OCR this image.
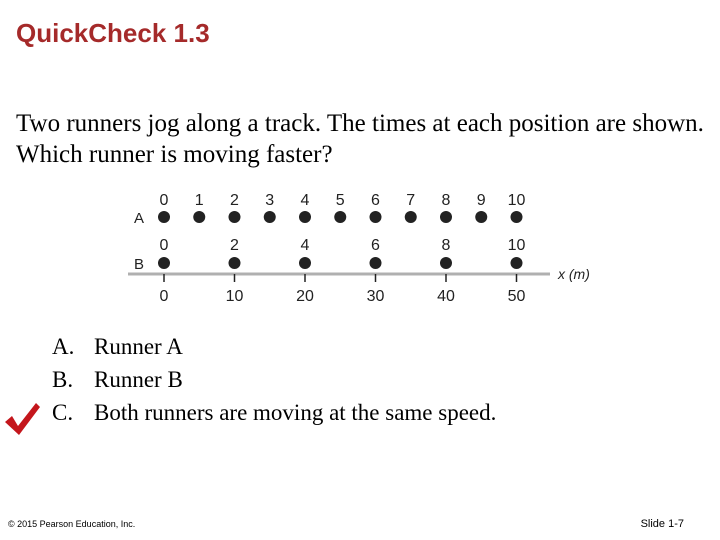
QuickCheck 1.3

Two runners jog along a track. The times at each position are shown. Which runner is moving faster?

A
0 1 2 3 4 5 6 7 8 9 10
B
0	2	4	6	8	10
x (m)
0	10	20	30	40	50
A. Runner A
B. Runner B
C. Both runners are moving at the same speed.
© 2015 Pearson Education, Inc.	Slide 1-7
